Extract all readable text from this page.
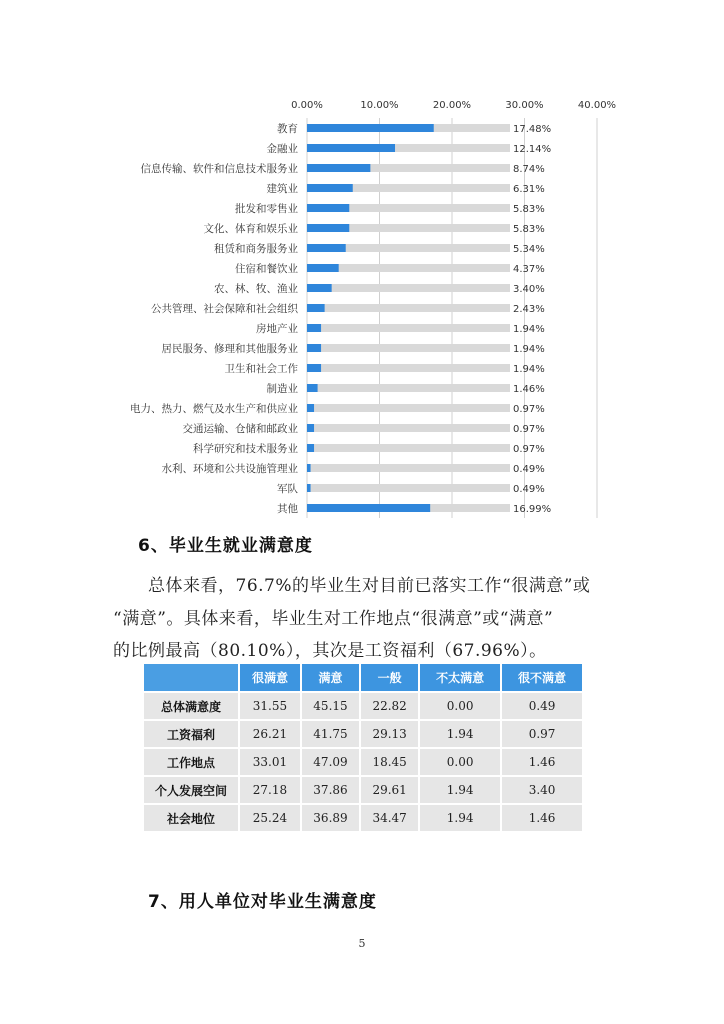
0.00%	10.00%	20.00%	30.00%	40.00%
教育	17.48%
金融业	12.14%
信息传输、软件和信息技术服务业	8.74%
建筑业	6.31%
批发和零售业	5.83%
文化、体育和娱乐业	5.83%
租赁和商务服务业	5.34%
住宿和餐饮业	4.37%
农、林、牧、渔业	3.40%
公共管理、社会保障和社会组织	2.43%
房地产业	1.94%
居民服务、修理和其他服务业	1.94%
卫生和社会工作	1.94%
制造业	1.46%
电力、热力、燃气及水生产和供应业	0.97%
交通运输、仓储和邮政业	0.97%
科学研究和技术服务业	0.97%
水利、环境和公共设施管理业	0.49%
军队	0.49%
其他	16.99%
6、毕业生就业满意度
总体来看，76.7%的毕业生对目前已落实工作“很满意”或
“满意”。具体来看，毕业生对工作地点“很满意”或“满意”
的比例最高（80.10%），其次是工资福利（67.96%）。
	很满意	满意	一般	不太满意	很不满意
总体满意度	31.55	45.15	22.82	0.00	0.49
工资福利	26.21	41.75	29.13	1.94	0.97
工作地点	33.01	47.09	18.45	0.00	1.46
个人发展空间	27.18	37.86	29.61	1.94	3.40
社会地位	25.24	36.89	34.47	1.94	1.46
7、用人单位对毕业生满意度
5
